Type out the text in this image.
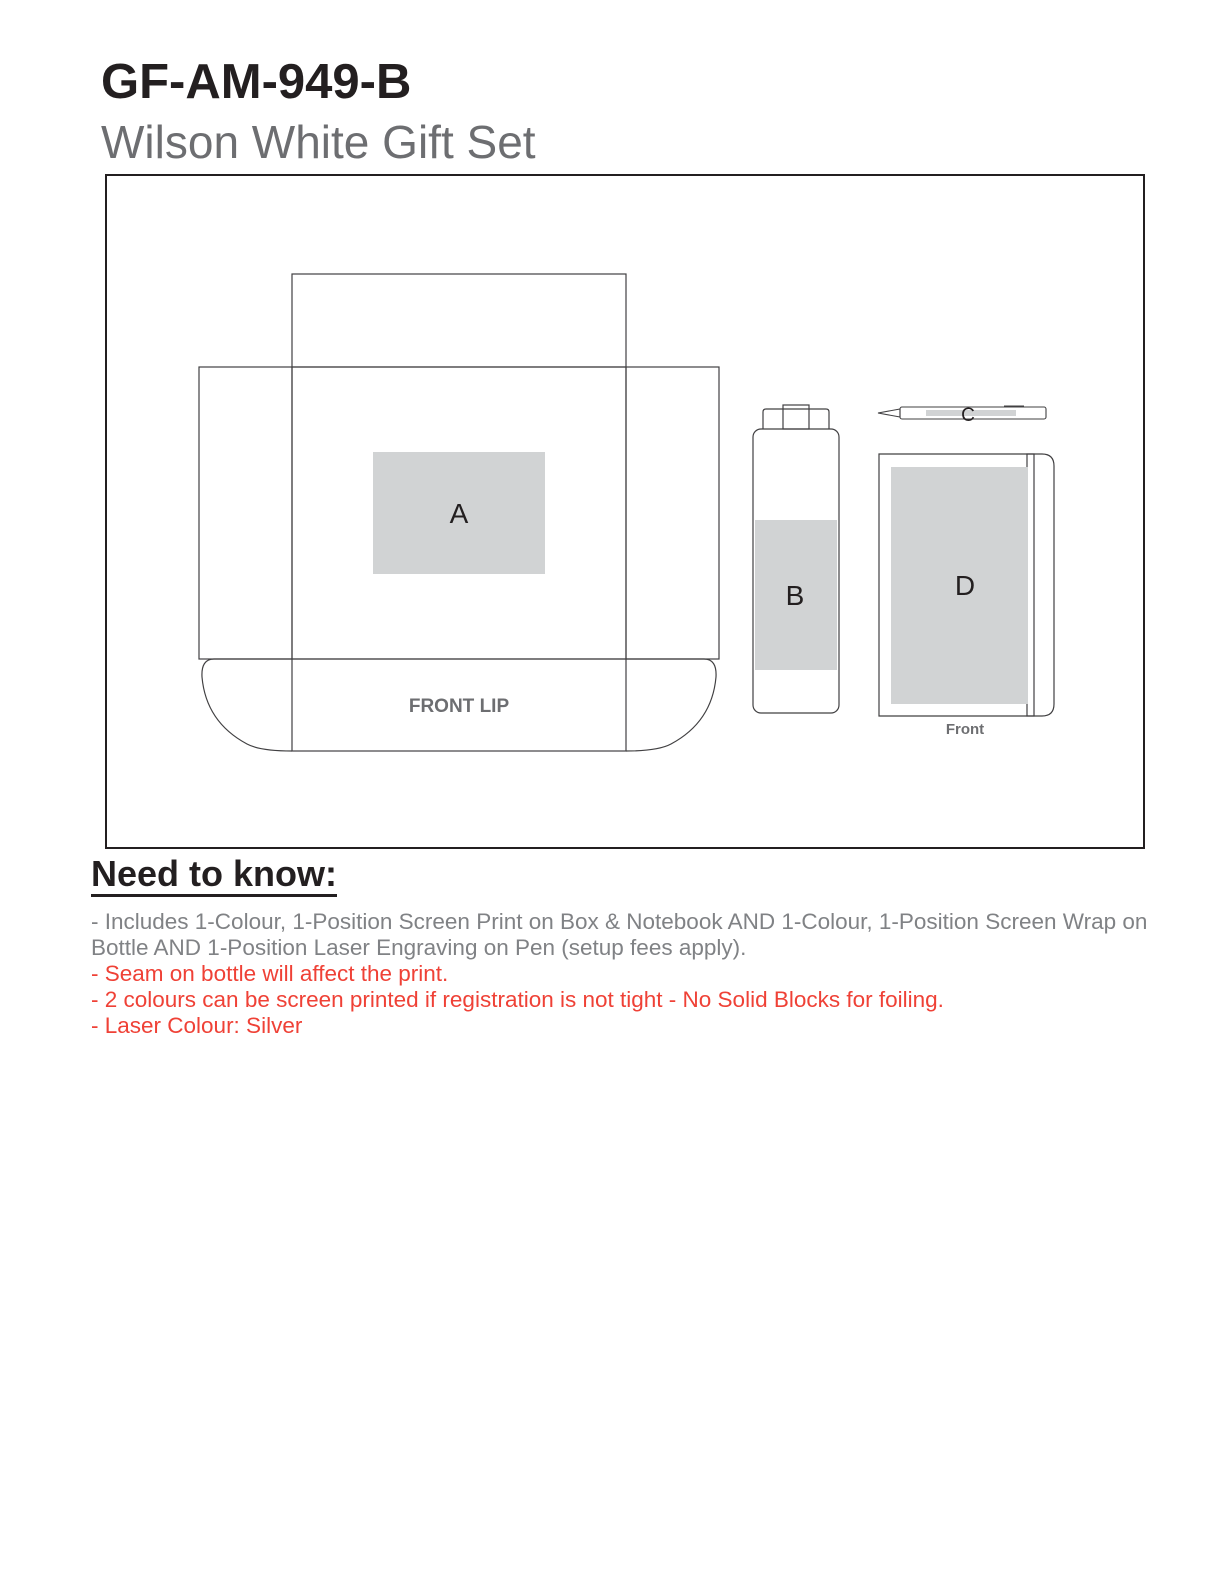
GF-AM-949-B
Wilson White Gift Set
A
FRONT LIP
B
C
D
Front
Need to know:

- Includes 1-Colour, 1-Position Screen Print on Box & Notebook AND 1-Colour, 1-Position Screen Wrap on Bottle AND 1-Position Laser Engraving on Pen (setup fees apply).

- Seam on bottle will affect the print.

- 2 colours can be screen printed if registration is not tight - No Solid Blocks for foiling.

- Laser Colour: Silver
